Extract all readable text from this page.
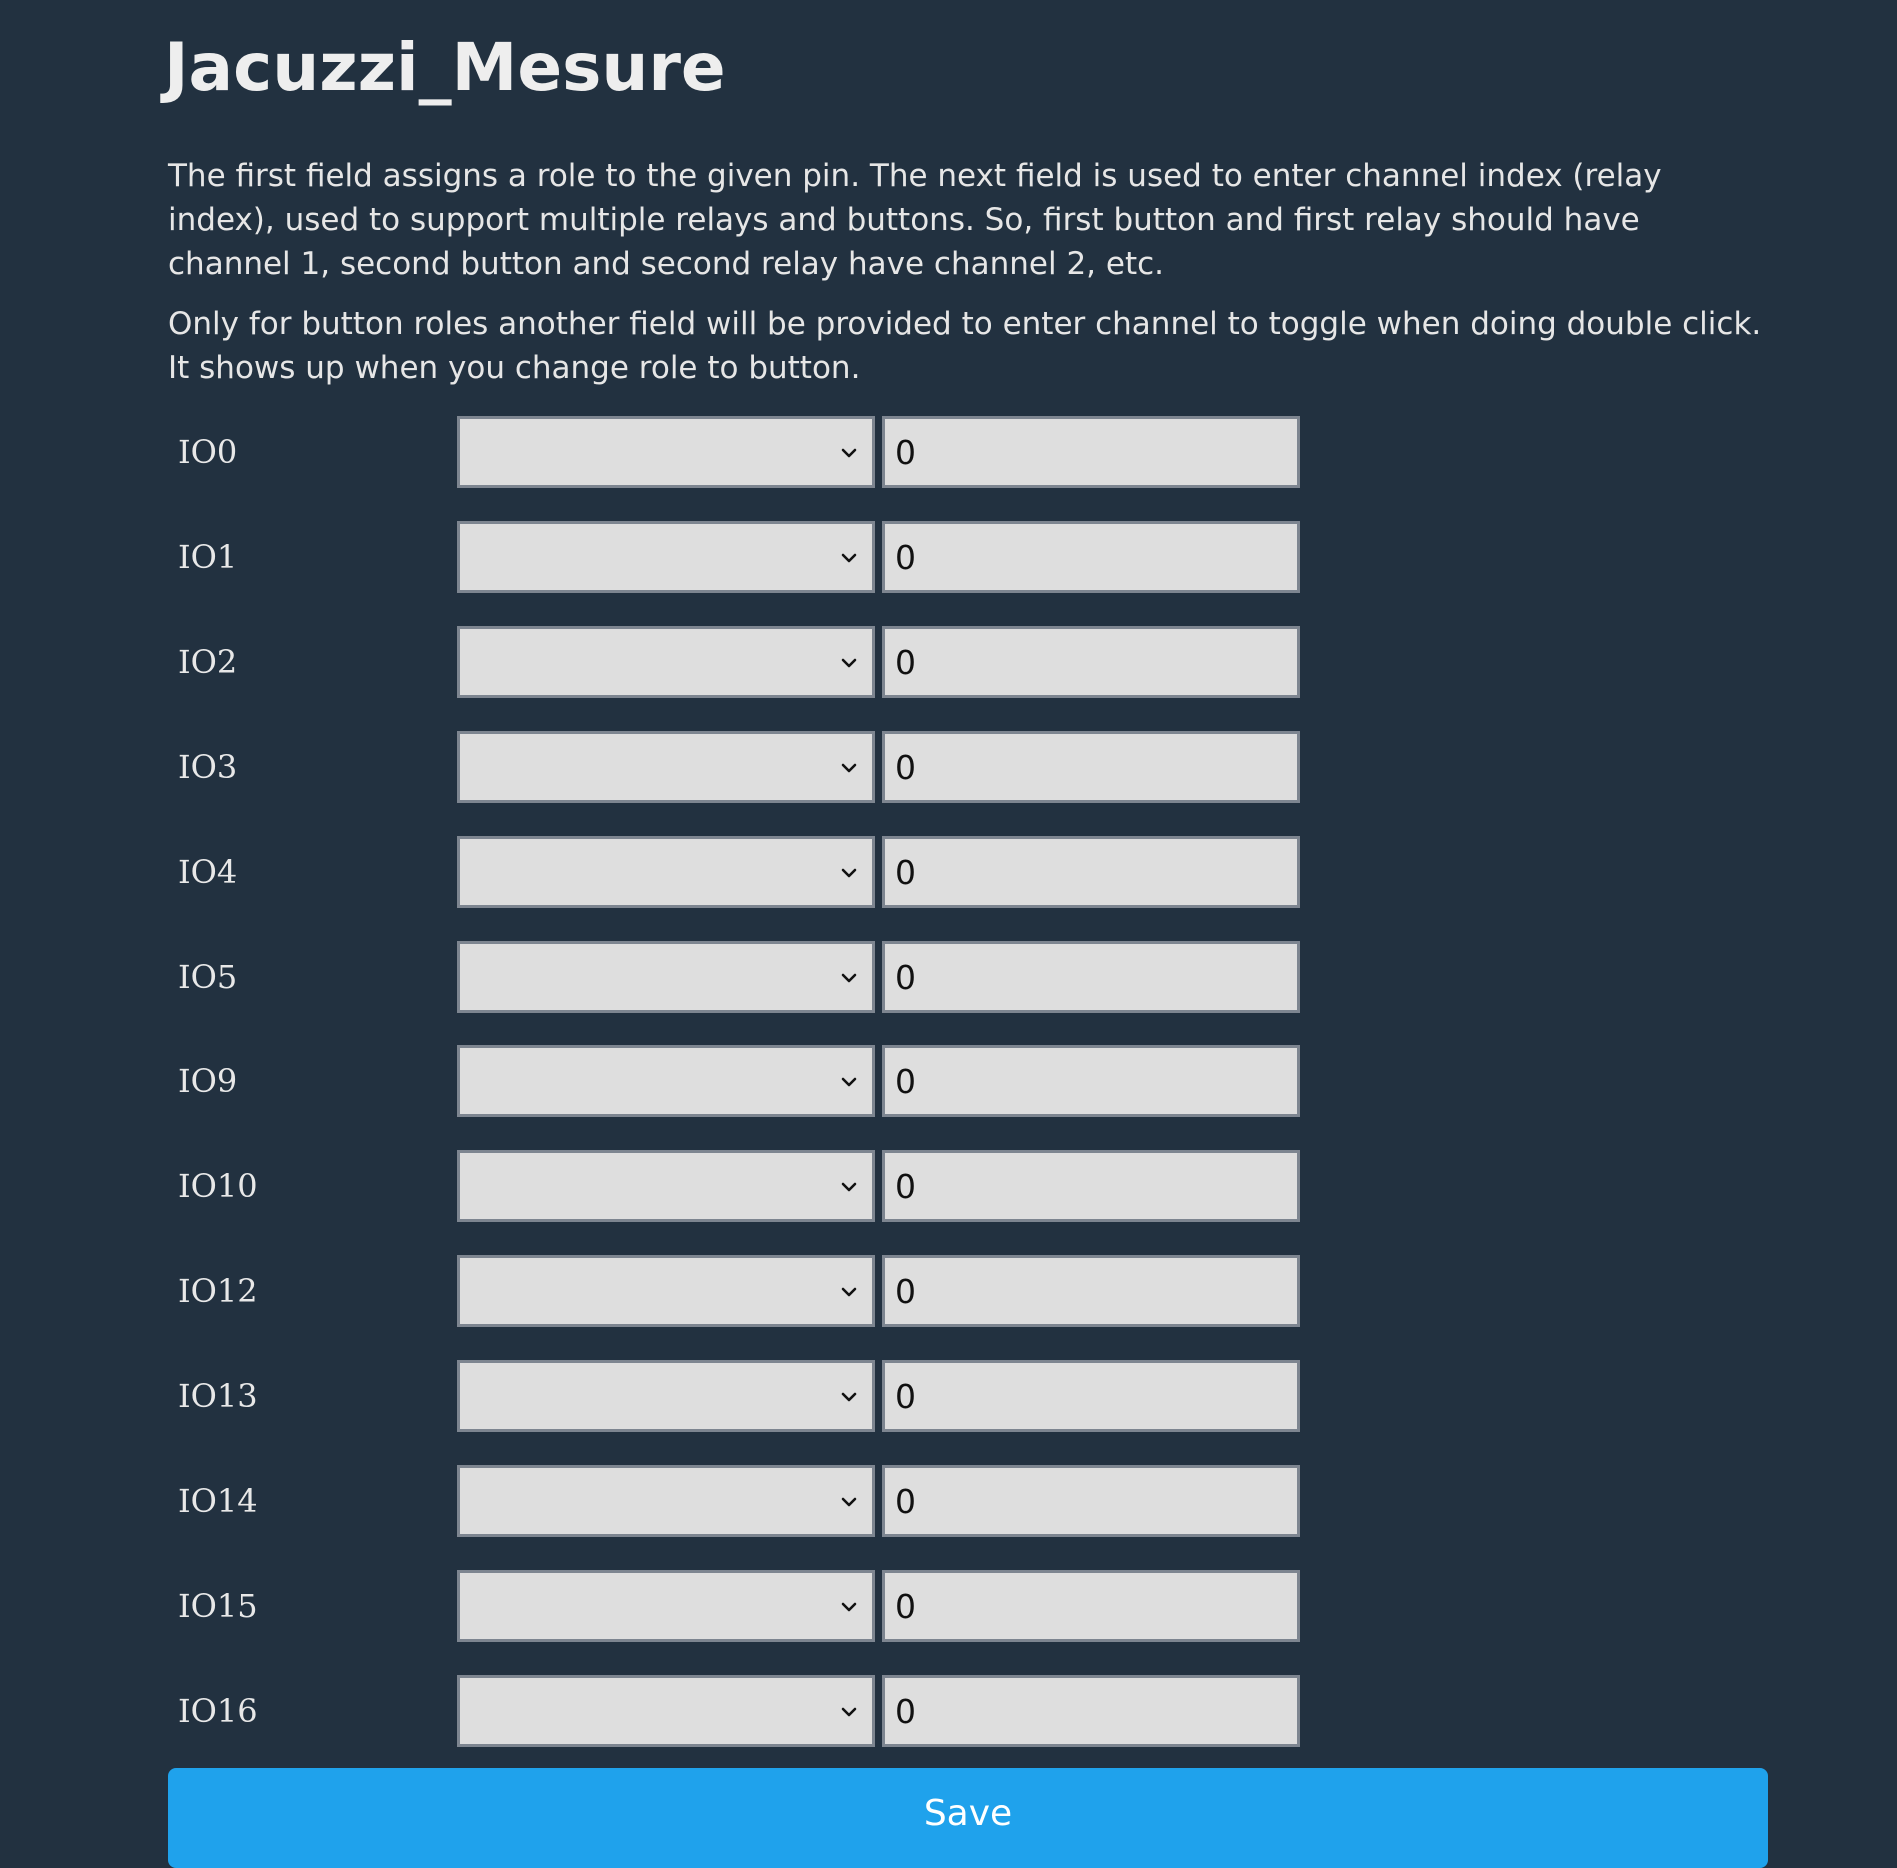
Jacuzzi_Mesure

The first field assigns a role to the given pin. The next field is used to enter channel index (relay index), used to support multiple relays and buttons. So, first button and first relay should have channel 1, second button and second relay have channel 2, etc.

Only for button roles another field will be provided to enter channel to toggle when doing double click. It shows up when you change role to button.

IO0
0
IO1
0
IO2
0
IO3
0
IO4
0
IO5
0
IO9
0
IO10
0
IO12
0
IO13
0
IO14
0
IO15
0
IO16
0
Save
